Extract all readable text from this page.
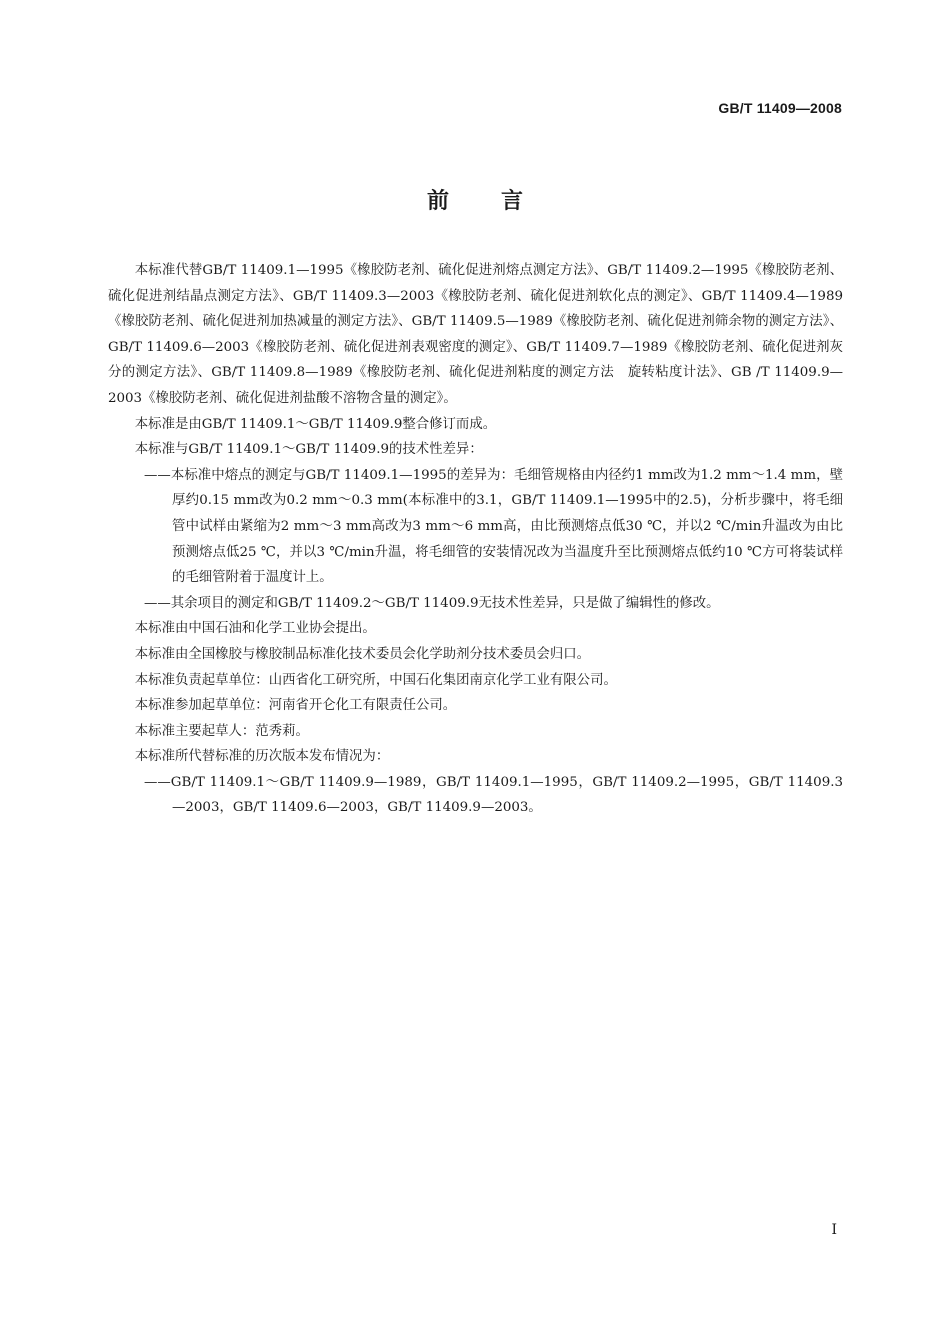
GB/T 11409—2008
前言

本标准代替GB/T 11409.1—1995《橡胶防老剂、硫化促进剂熔点测定方法》、GB/T 11409.2—1995《橡胶防老剂、硫化促进剂结晶点测定方法》、GB/T 11409.3—2003《橡胶防老剂、硫化促进剂软化点的测定》、GB/T 11409.4—1989《橡胶防老剂、硫化促进剂加热减量的测定方法》、GB/T 11409.5—1989《橡胶防老剂、硫化促进剂筛余物的测定方法》、GB/T 11409.6—2003《橡胶防老剂、硫化促进剂表观密度的测定》、GB/T 11409.7—1989《橡胶防老剂、硫化促进剂灰分的测定方法》、GB/T 11409.8—1989《橡胶防老剂、硫化促进剂粘度的测定方法　旋转粘度计法》、GB /T 11409.9—2003《橡胶防老剂、硫化促进剂盐酸不溶物含量的测定》。

本标准是由GB/T 11409.1～GB/T 11409.9整合修订而成。

本标准与GB/T 11409.1～GB/T 11409.9的技术性差异：

——本标准中熔点的测定与GB/T 11409.1—1995的差异为：毛细管规格由内径约1 mm改为1.2 mm～1.4 mm，壁厚约0.15 mm改为0.2 mm～0.3 mm(本标准中的3.1，GB/T 11409.1—1995中的2.5)，分析步骤中，将毛细管中试样由紧缩为2 mm～3 mm高改为3 mm～6 mm高，由比预测熔点低30 ℃，并以2 ℃/min升温改为由比预测熔点低25 ℃，并以3 ℃/min升温，将毛细管的安装情况改为当温度升至比预测熔点低约10 ℃方可将装试样的毛细管附着于温度计上。

——其余项目的测定和GB/T 11409.2～GB/T 11409.9无技术性差异，只是做了编辑性的修改。

本标准由中国石油和化学工业协会提出。

本标准由全国橡胶与橡胶制品标准化技术委员会化学助剂分技术委员会归口。

本标准负责起草单位：山西省化工研究所，中国石化集团南京化学工业有限公司。

本标准参加起草单位：河南省开仑化工有限责任公司。

本标准主要起草人：范秀莉。

本标准所代替标准的历次版本发布情况为：

——GB/T 11409.1～GB/T 11409.9—1989，GB/T 11409.1—1995，GB/T 11409.2—1995，GB/T 11409.3—2003，GB/T 11409.6—2003，GB/T 11409.9—2003。

I
